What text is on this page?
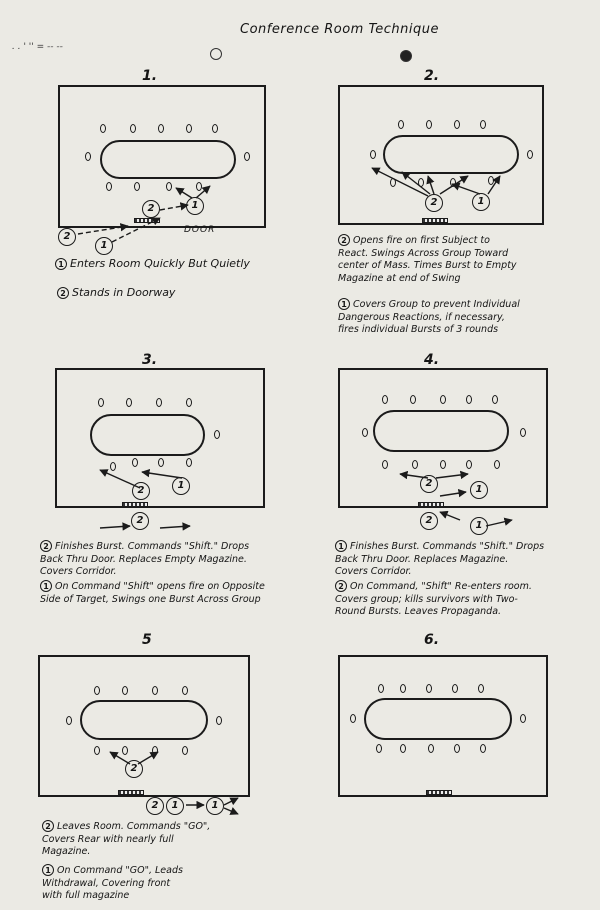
. . ' '' = -- --
Conference Room Technique
1.
DOOR
2	1
2
1
1 Enters Room Quickly But Quietly
2 Stands in Doorway
2.
2	1
2 Opens fire on first Subject to
React. Swings Across Group Toward
center of Mass. Times Burst to Empty
Magazine at end of Swing
1 Covers Group to prevent Individual
Dangerous Reactions, if necessary,
fires individual Bursts of 3 rounds
3.
2	1
2
2 Finishes Burst. Commands "Shift." Drops
Back Thru Door. Replaces Empty Magazine.
Covers Corridor.
1 On Command "Shift" opens fire on Opposite
Side of Target, Swings one Burst Across Group
4.
2
1
2	1
1 Finishes Burst. Commands "Shift." Drops
Back Thru Door. Replaces Magazine.
Covers Corridor.
2 On Command, "Shift" Re-enters room.
Covers group; kills survivors with Two-
Round Bursts. Leaves Propaganda.
5
2
2	1	1
2 Leaves Room. Commands "GO",
Covers Rear with nearly full
Magazine.
1 On Command "GO", Leads
Withdrawal, Covering front
with full magazine
6.
